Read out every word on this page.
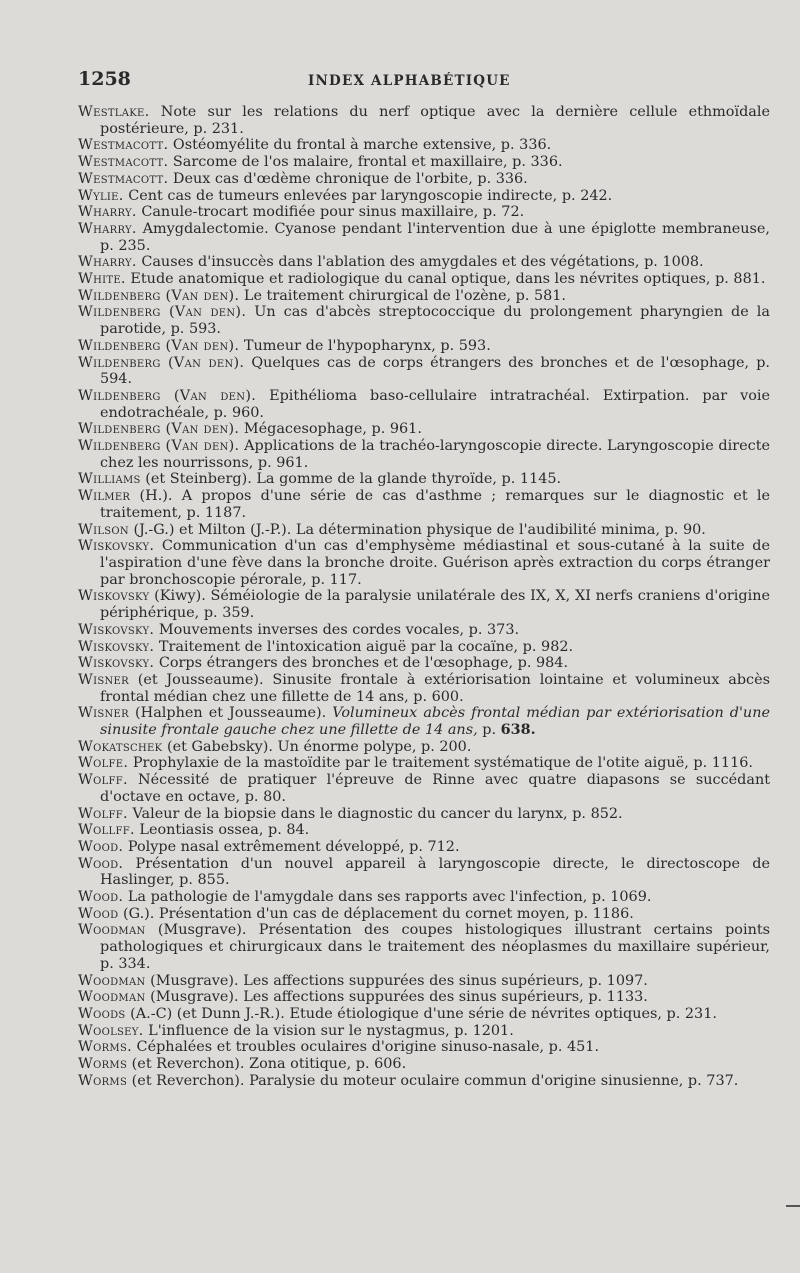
1258	INDEX ALPHABÉTIQUE

Westlake. Note sur les relations du nerf optique avec la dernière cellule ethmoïdale postérieure, p. 231.

Westmacott. Ostéomyélite du frontal à marche extensive, p. 336.

Westmacott. Sarcome de l'os malaire, frontal et maxillaire, p. 336.

Westmacott. Deux cas d'œdème chronique de l'orbite, p. 336.

Wylie. Cent cas de tumeurs enlevées par laryngoscopie indirecte, p. 242.

Wharry. Canule-trocart modifiée pour sinus maxillaire, p. 72.

Wharry. Amygdalectomie. Cyanose pendant l'intervention due à une épiglotte membraneuse, p. 235.

Wharry. Causes d'insuccès dans l'ablation des amygdales et des végétations, p. 1008.

White. Etude anatomique et radiologique du canal optique, dans les névrites optiques, p. 881.

Wildenberg (Van den). Le traitement chirurgical de l'ozène, p. 581.

Wildenberg (Van den). Un cas d'abcès streptococcique du prolongement pharyngien de la parotide, p. 593.

Wildenberg (Van den). Tumeur de l'hypopharynx, p. 593.

Wildenberg (Van den). Quelques cas de corps étrangers des bronches et de l'œsophage, p. 594.

Wildenberg (Van den). Epithélioma baso-cellulaire intratrachéal. Extirpation. par voie endotrachéale, p. 960.

Wildenberg (Van den). Mégacesophage, p. 961.

Wildenberg (Van den). Applications de la trachéo-laryngoscopie directe. Laryngoscopie directe chez les nourrissons, p. 961.

Williams (et Steinberg). La gomme de la glande thyroïde, p. 1145.

Wilmer (H.). A propos d'une série de cas d'asthme ; remarques sur le diagnostic et le traitement, p. 1187.

Wilson (J.-G.) et Milton (J.-P.). La détermination physique de l'audibilité minima, p. 90.

Wiskovsky. Communication d'un cas d'emphysème médiastinal et sous-cutané à la suite de l'aspiration d'une fève dans la bronche droite. Guérison après extraction du corps étranger par bronchoscopie pérorale, p. 117.

Wiskovsky (Kiwy). Séméiologie de la paralysie unilatérale des IX, X, XI nerfs craniens d'origine périphérique, p. 359.

Wiskovsky. Mouvements inverses des cordes vocales, p. 373.

Wiskovsky. Traitement de l'intoxication aiguë par la cocaïne, p. 982.

Wiskovsky. Corps étrangers des bronches et de l'œsophage, p. 984.

Wisner (et Jousseaume). Sinusite frontale à extériorisation lointaine et volumineux abcès frontal médian chez une fillette de 14 ans, p. 600.

Wisner (Halphen et Jousseaume). Volumineux abcès frontal médian par extériorisation d'une sinusite frontale gauche chez une fillette de 14 ans, p. 638.

Wokatschek (et Gabebsky). Un énorme polype, p. 200.

Wolfe. Prophylaxie de la mastoïdite par le traitement systématique de l'otite aiguë, p. 1116.

Wolff. Nécessité de pratiquer l'épreuve de Rinne avec quatre diapasons se succédant d'octave en octave, p. 80.

Wolff. Valeur de la biopsie dans le diagnostic du cancer du larynx, p. 852.

Wollff. Leontiasis ossea, p. 84.

Wood. Polype nasal extrêmement développé, p. 712.

Wood. Présentation d'un nouvel appareil à laryngoscopie directe, le directoscope de Haslinger, p. 855.

Wood. La pathologie de l'amygdale dans ses rapports avec l'infection, p. 1069.

Wood (G.). Présentation d'un cas de déplacement du cornet moyen, p. 1186.

Woodman (Musgrave). Présentation des coupes histologiques illustrant certains points pathologiques et chirurgicaux dans le traitement des néoplasmes du maxillaire supérieur, p. 334.

Woodman (Musgrave). Les affections suppurées des sinus supérieurs, p. 1097.

Woodman (Musgrave). Les affections suppurées des sinus supérieurs, p. 1133.

Woods (A.-C) (et Dunn J.-R.). Etude étiologique d'une série de névrites optiques, p. 231.

Woolsey. L'influence de la vision sur le nystagmus, p. 1201.

Worms. Céphalées et troubles oculaires d'origine sinuso-nasale, p. 451.

Worms (et Reverchon). Zona otitique, p. 606.

Worms (et Reverchon). Paralysie du moteur oculaire commun d'origine sinusienne, p. 737.
